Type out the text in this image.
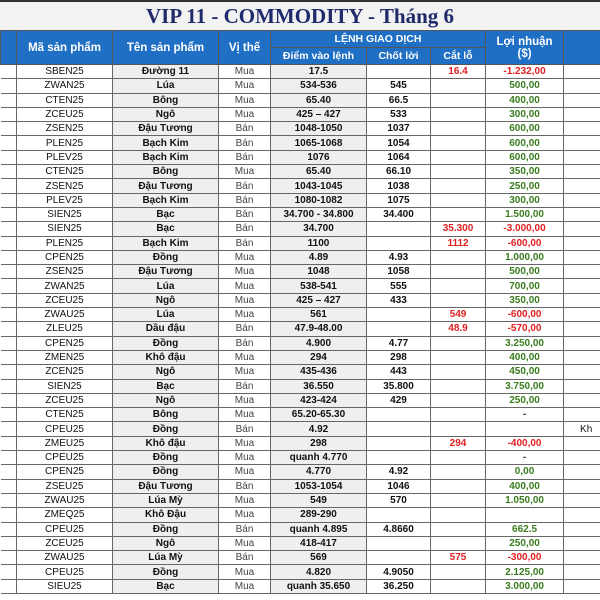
VIP 11 - COMMODITY - Tháng 6
	Mã sản phẩm	Tên sản phẩm	Vị thế	LỆNH GIAO DỊCH			Lợi nhuận
($)	
				Điểm vào lệnh	Chốt lời	Cắt lỗ		
	SBEN25	Đường 11	Mua	17.5		16.4	-1.232,00	
	ZWAN25	Lúa	Mua	534-536	545		500,00	
	CTEN25	Bông	Mua	65.40	66.5		400,00	
	ZCEU25	Ngô	Mua	425 – 427	533		300,00	
	ZSEN25	Đậu Tương	Bán	1048-1050	1037		600,00	
	PLEN25	Bạch Kim	Bán	1065-1068	1054		600,00	
	PLEV25	Bạch Kim	Bán	1076	1064		600,00	
	CTEN25	Bông	Mua	65.40	66.10		350,00	
	ZSEN25	Đậu Tương	Bán	1043-1045	1038		250,00	
	PLEV25	Bạch Kim	Bán	1080-1082	1075		300,00	
	SIEN25	Bạc	Bán	34.700 - 34.800	34.400		1.500,00	
	SIEN25	Bạc	Bán	34.700		35.300	-3.000,00	
	PLEN25	Bạch Kim	Bán	1100		1112	-600,00	
	CPEN25	Đồng	Mua	4.89	4.93		1.000,00	
	ZSEN25	Đậu Tương	Mua	1048	1058		500,00	
	ZWAN25	Lúa	Mua	538-541	555		700,00	
	ZCEU25	Ngô	Mua	425 – 427	433		350,00	
	ZWAU25	Lúa	Mua	561		549	-600,00	
	ZLEU25	Dầu đậu	Bán	47.9-48.00		48.9	-570,00	
	CPEN25	Đồng	Bán	4.900	4.77		3.250,00	
	ZMEN25	Khô đậu	Mua	294	298		400,00	
	ZCEN25	Ngô	Mua	435-436	443		450,00	
	SIEN25	Bạc	Bán	36.550	35.800		3.750,00	
	ZCEU25	Ngô	Mua	423-424	429		250,00	
	CTEN25	Bông	Mua	65.20-65.30			-	
	CPEU25	Đồng	Bán	4.92				Kh
	ZMEU25	Khô đậu	Mua	298		294	-400,00	
	CPEU25	Đồng	Mua	quanh 4.770			-	
	CPEN25	Đồng	Mua	4.770	4.92		0,00	
	ZSEU25	Đậu Tương	Bán	1053-1054	1046		400,00	
	ZWAU25	Lúa Mỳ	Mua	549	570		1.050,00	
	ZMEQ25	Khô Đậu	Mua	289-290				
	CPEU25	Đồng	Bán	quanh 4.895	4.8660		662.5	
	ZCEU25	Ngô	Mua	418-417			250,00	
	ZWAU25	Lúa Mỳ	Bán	569		575	-300,00	
	CPEU25	Đồng	Mua	4.820	4.9050		2.125,00	
	SIEU25	Bạc	Mua	quanh 35.650	36.250		3.000,00	
